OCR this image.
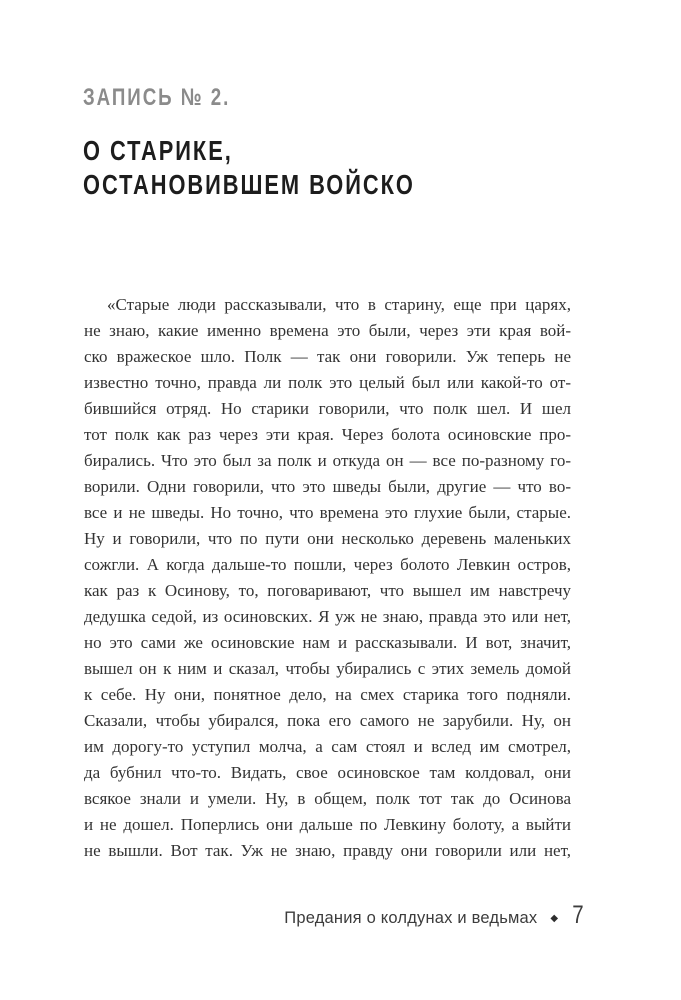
ЗАПИСЬ № 2.
О СТАРИКЕ,
ОСТАНОВИВШЕМ ВОЙСКО
«Старые люди рассказывали, что в старину, еще при царях,
не знаю, какие именно времена это были, через эти края вой-
ско вражеское шло. Полк — так они говорили. Уж теперь не
известно точно, правда ли полк это целый был или какой-то от-
бившийся отряд. Но старики говорили, что полк шел. И шел
тот полк как раз через эти края. Через болота осиновские про-
бирались. Что это был за полк и откуда он — все по-разному го-
ворили. Одни говорили, что это шведы были, другие — что во-
все и не шведы. Но точно, что времена это глухие были, старые.
Ну и говорили, что по пути они несколько деревень маленьких
сожгли. А когда дальше-то пошли, через болото Левкин остров,
как раз к Осинову, то, поговаривают, что вышел им навстречу
дедушка седой, из осиновских. Я уж не знаю, правда это или нет,
но это сами же осиновские нам и рассказывали. И вот, значит,
вышел он к ним и сказал, чтобы убирались с этих земель домой
к себе. Ну они, понятное дело, на смех старика того подняли.
Сказали, чтобы убирался, пока его самого не зарубили. Ну, он
им дорогу-то уступил молча, а сам стоял и вслед им смотрел,
да бубнил что-то. Видать, свое осиновское там колдовал, они
всякое знали и умели. Ну, в общем, полк тот так до Осинова
и не дошел. Поперлись они дальше по Левкину болоту, а выйти
не вышли. Вот так. Уж не знаю, правду они говорили или нет,
Предания о колдунах и ведьмах ◆ 7
